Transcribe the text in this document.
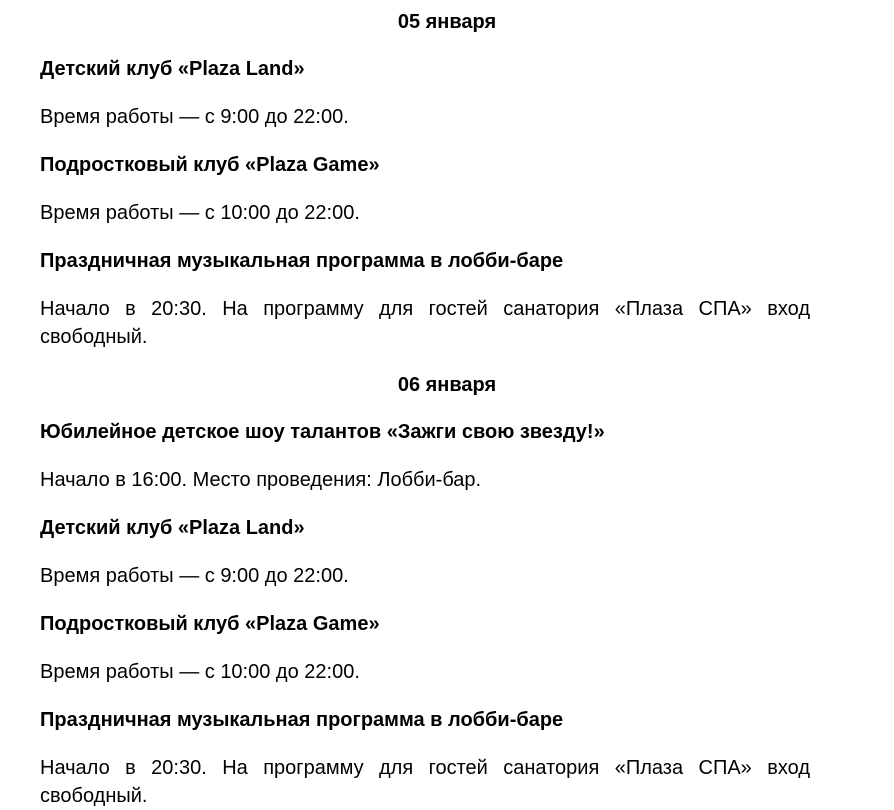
05 января

Детский клуб «Plaza Land»

Время работы — с 9:00 до 22:00.

Подростковый клуб «Plaza Game»

Время работы — с 10:00 до 22:00.

Праздничная музыкальная программа в лобби-баре

Начало в 20:30. На программу для гостей санатория «Плаза СПА» вход свободный.

06 января

Юбилейное детское шоу талантов «Зажги свою звезду!»

Начало в 16:00. Место проведения: Лобби-бар.

Детский клуб «Plaza Land»

Время работы — с 9:00 до 22:00.

Подростковый клуб «Plaza Game»

Время работы — с 10:00 до 22:00.

Праздничная музыкальная программа в лобби-баре

Начало в 20:30. На программу для гостей санатория «Плаза СПА» вход свободный.
